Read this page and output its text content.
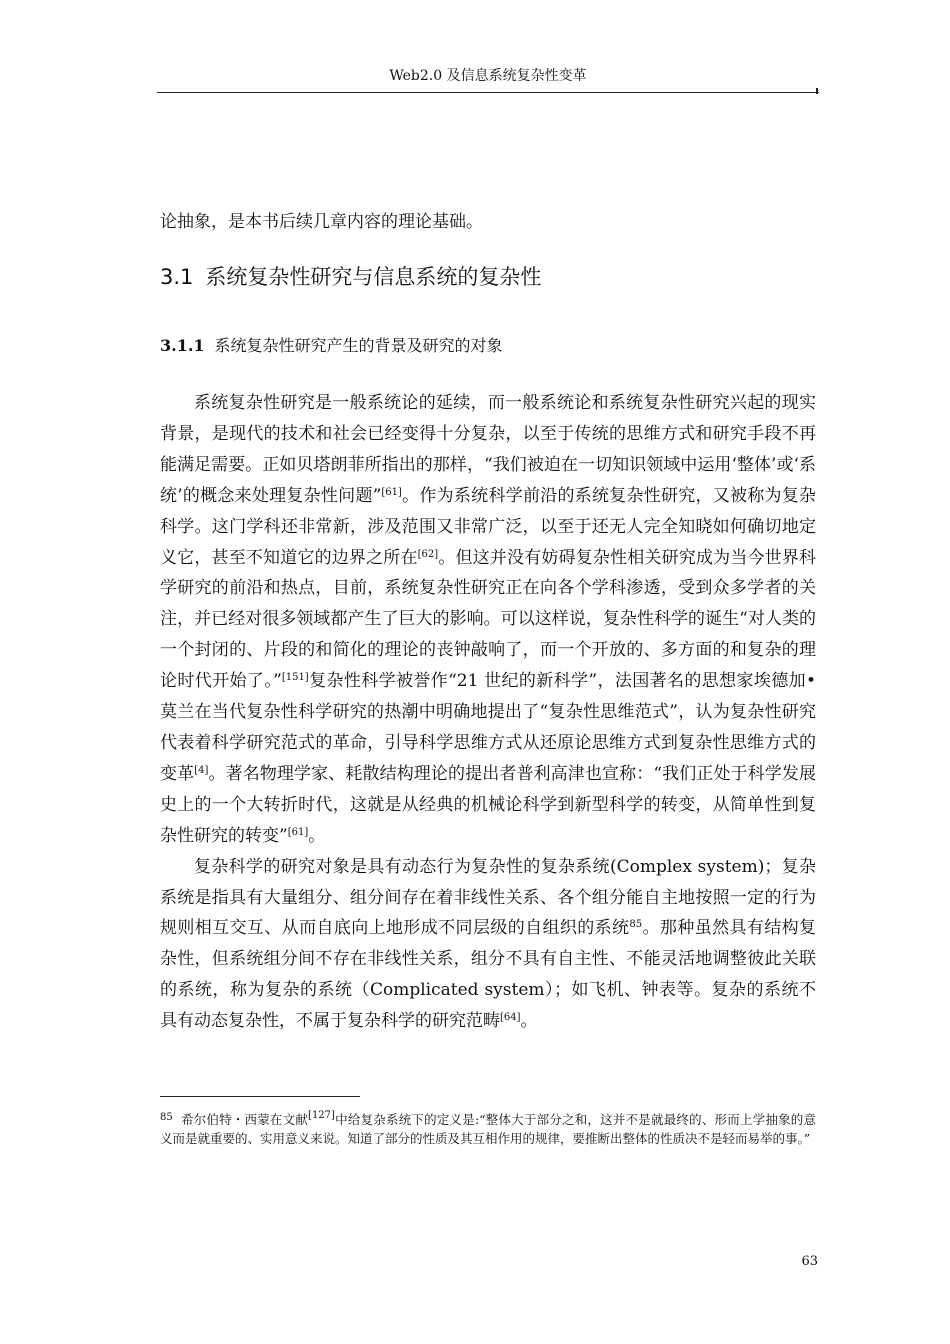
Web2.0 及信息系统复杂性变革
论抽象，是本书后续几章内容的理论基础。
3.1 系统复杂性研究与信息系统的复杂性
3.1.1 系统复杂性研究产生的背景及研究的对象

系统复杂性研究是一般系统论的延续，而一般系统论和系统复杂性研究兴起的现实背景，是现代的技术和社会已经变得十分复杂，以至于传统的思维方式和研究手段不再能满足需要。正如贝塔朗菲所指出的那样，“我们被迫在一切知识领域中运用‘整体’或‘系统’的概念来处理复杂性问题”[61]。作为系统科学前沿的系统复杂性研究，又被称为复杂科学。这门学科还非常新，涉及范围又非常广泛，以至于还无人完全知晓如何确切地定义它，甚至不知道它的边界之所在[62]。但这并没有妨碍复杂性相关研究成为当今世界科学研究的前沿和热点，目前，系统复杂性研究正在向各个学科渗透，受到众多学者的关注，并已经对很多领域都产生了巨大的影响。可以这样说，复杂性科学的诞生“对人类的一个封闭的、片段的和简化的理论的丧钟敲响了，而一个开放的、多方面的和复杂的理论时代开始了。”[151]复杂性科学被誉作“21 世纪的新科学”，法国著名的思想家埃德加•莫兰在当代复杂性科学研究的热潮中明确地提出了“复杂性思维范式”，认为复杂性研究代表着科学研究范式的革命，引导科学思维方式从还原论思维方式到复杂性思维方式的变革[4]。著名物理学家、耗散结构理论的提出者普利高津也宣称：“我们正处于科学发展史上的一个大转折时代，这就是从经典的机械论科学到新型科学的转变，从简单性到复杂性研究的转变”[61]。

复杂科学的研究对象是具有动态行为复杂性的复杂系统(Complex system)；复杂系统是指具有大量组分、组分间存在着非线性关系、各个组分能自主地按照一定的行为规则相互交互、从而自底向上地形成不同层级的自组织的系统$^{85}$。那种虽然具有结构复杂性，但系统组分间不存在非线性关系，组分不具有自主性、不能灵活地调整彼此关联的系统，称为复杂的系统（Complicated system）；如飞机、钟表等。复杂的系统不具有动态复杂性，不属于复杂科学的研究范畴[64]。

$^{85}$ 希尔伯特・西蒙在文献[127]中给复杂系统下的定义是:“整体大于部分之和，这并不是就最终的、形而上学抽象的意义而是就重要的、实用意义来说。知道了部分的性质及其互相作用的规律，要推断出整体的性质决不是轻而易举的事。”
63
